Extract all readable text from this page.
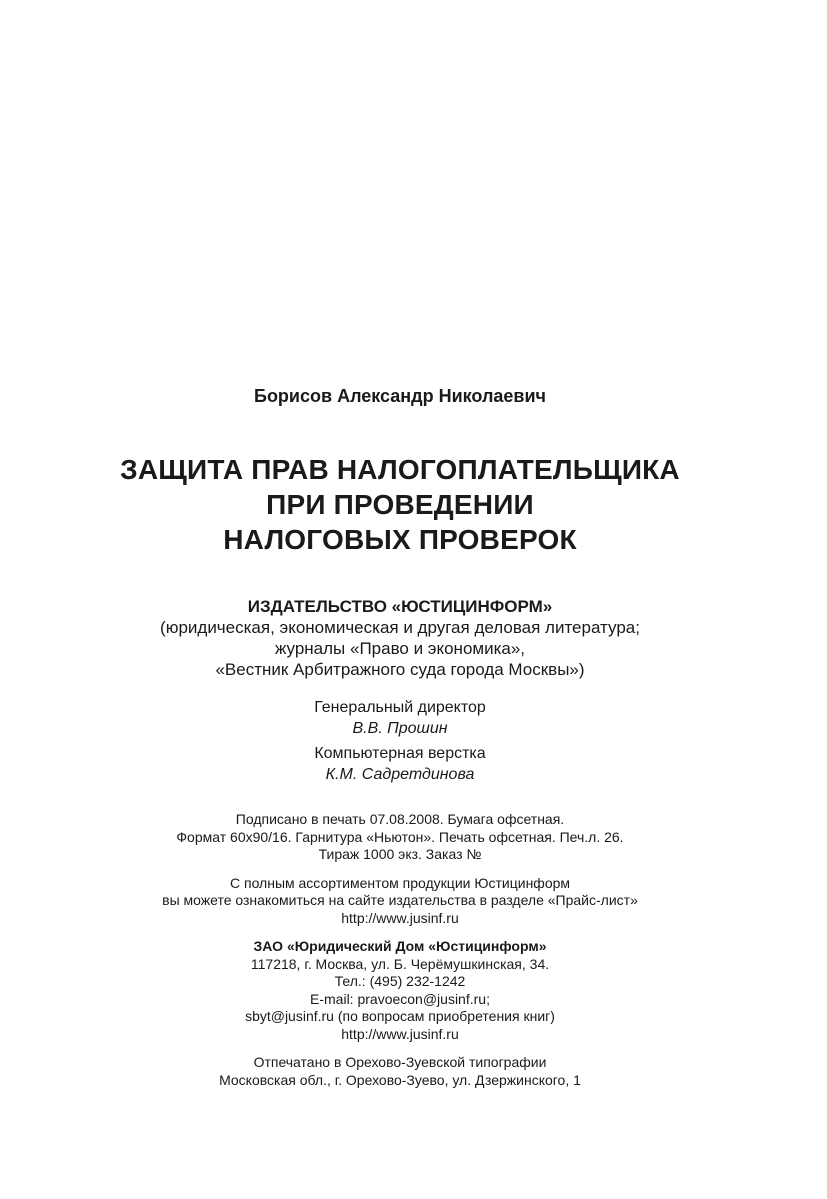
Борисов Александр Николаевич
ЗАЩИТА ПРАВ НАЛОГОПЛАТЕЛЬЩИКА
ПРИ ПРОВЕДЕНИИ
НАЛОГОВЫХ ПРОВЕРОК
ИЗДАТЕЛЬСТВО «ЮСТИЦИНФОРМ»
(юридическая, экономическая и другая деловая литература;
журналы «Право и экономика»,
«Вестник Арбитражного суда города Москвы»)
Генеральный директор
В.В. Прошин
Компьютерная верстка
К.М. Садретдинова
Подписано в печать 07.08.2008. Бумага офсетная.
Формат 60х90/16. Гарнитура «Ньютон». Печать офсетная. Печ.л. 26.
Тираж 1000 экз. Заказ №
С полным ассортиментом продукции Юстицинформ
вы можете ознакомиться на сайте издательства в разделе «Прайс-лист»
http://www.jusinf.ru
ЗАО «Юридический Дом «Юстицинформ»
117218, г. Москва, ул. Б. Черёмушкинская, 34.
Тел.: (495) 232-1242
E-mail: pravoecon@jusinf.ru;
sbyt@jusinf.ru (по вопросам приобретения книг)
http://www.jusinf.ru
Отпечатано в Орехово-Зуевской типографии
Московская обл., г. Орехово-Зуево, ул. Дзержинского, 1
